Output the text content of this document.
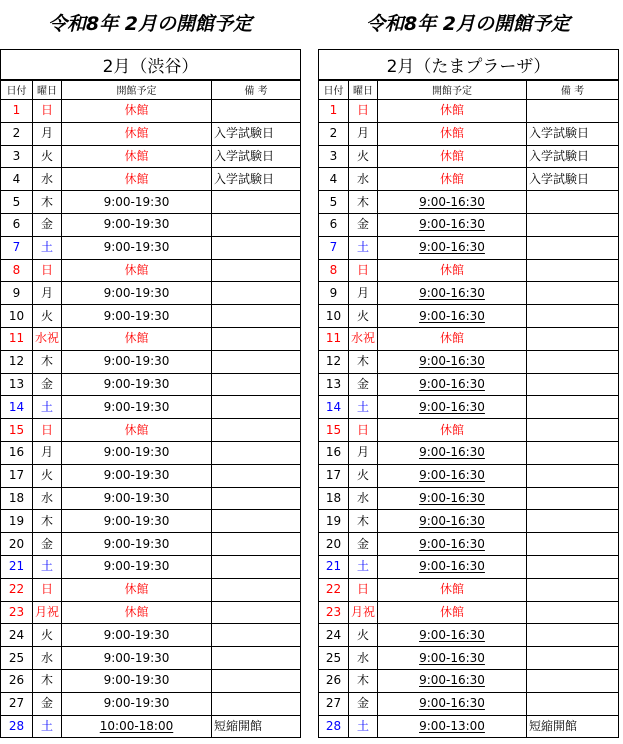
令和8年 2月の開館予定	令和8年 2月の開館予定
2月（渋谷）			
日付	曜日	開館予定	備 考
1	日	休館	
2	月	休館	入学試験日
3	火	休館	入学試験日
4	水	休館	入学試験日
5	木	9:00-19:30	
6	金	9:00-19:30	
7	土	9:00-19:30	
8	日	休館	
9	月	9:00-19:30	
10	火	9:00-19:30	
11	水祝	休館	
12	木	9:00-19:30	
13	金	9:00-19:30	
14	土	9:00-19:30	
15	日	休館	
16	月	9:00-19:30	
17	火	9:00-19:30	
18	水	9:00-19:30	
19	木	9:00-19:30	
20	金	9:00-19:30	
21	土	9:00-19:30	
22	日	休館	
23	月祝	休館	
24	火	9:00-19:30	
25	水	9:00-19:30	
26	木	9:00-19:30	
27	金	9:00-19:30	
28	土	10:00-18:00	短縮開館
2月（たまプラーザ）			
日付	曜日	開館予定	備 考
1	日	休館	
2	月	休館	入学試験日
3	火	休館	入学試験日
4	水	休館	入学試験日
5	木	9:00-16:30	
6	金	9:00-16:30	
7	土	9:00-16:30	
8	日	休館	
9	月	9:00-16:30	
10	火	9:00-16:30	
11	水祝	休館	
12	木	9:00-16:30	
13	金	9:00-16:30	
14	土	9:00-16:30	
15	日	休館	
16	月	9:00-16:30	
17	火	9:00-16:30	
18	水	9:00-16:30	
19	木	9:00-16:30	
20	金	9:00-16:30	
21	土	9:00-16:30	
22	日	休館	
23	月祝	休館	
24	火	9:00-16:30	
25	水	9:00-16:30	
26	木	9:00-16:30	
27	金	9:00-16:30	
28	土	9:00-13:00	短縮開館
